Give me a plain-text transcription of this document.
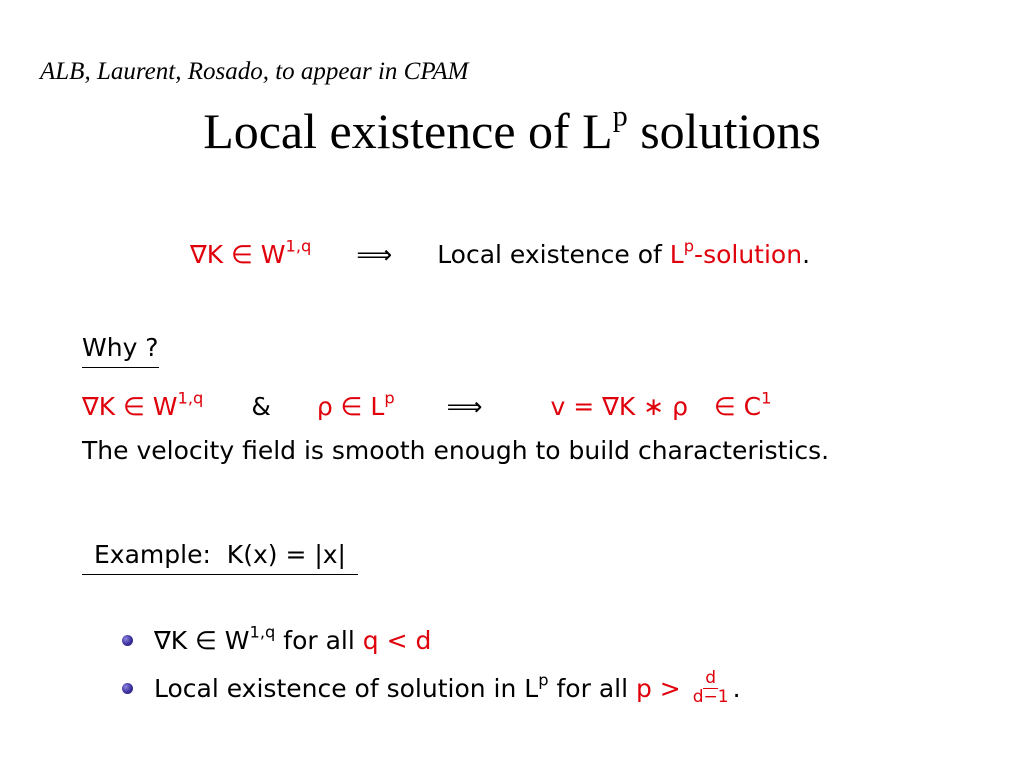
ALB, Laurent, Rosado, to appear in CPAM
Local existence of $L^p$ solutions
∇K ∈ W$^{1,q}$ ⟹ Local existence of $L^p$-solution.
Why ?
∇K ∈ W$^{1,q}$ & ρ ∈ $L^p$ ⟹	v = ∇K ∗ ρ ∈ $C^1$
The velocity field is smooth enough to build characteristics.
Example: K(x) = |x|
∇K ∈ W$^{1,q}$ for all q < d
Local existence of solution in $L^p$ for all p >
$\frac{d}{d-1}$ .
